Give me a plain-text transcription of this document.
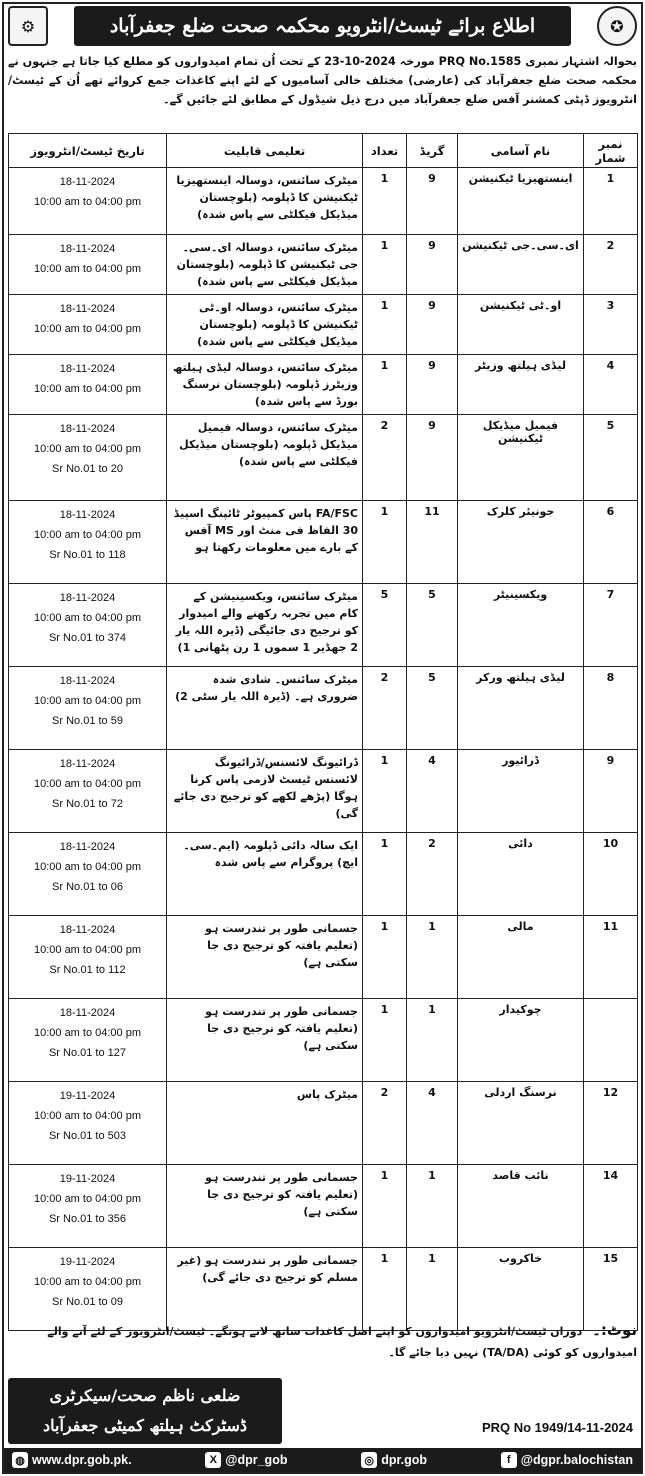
⚙	اطلاع برائے ٹیسٹ/انٹرویو محکمہ صحت ضلع جعفرآباد	✪
بحوالہ اشتہار نمبری PRQ No.1585 مورخہ 23-10-2024 کے تحت اُن تمام امیدواروں کو مطلع کیا جاتا ہے جنہوں نے محکمہ صحت ضلع جعفرآباد کی (عارضی) مختلف خالی آسامیوں کے لئے اپنے کاغذات جمع کروائے تھے اُن کے ٹیسٹ/انٹرویوز ڈپٹی کمشنر آفس ضلع جعفرآباد میں درج ذیل شیڈول کے مطابق لئے جائیں گے۔
نمبر شمار	نام آسامی	گریڈ	تعداد	تعلیمی قابلیت	تاریخ ٹیسٹ/انٹرویوز
1	اینستھیزیا ٹیکنیشن	9	1	میٹرک سائنس، دوسالہ اینستھیزیا ٹیکنیشن کا ڈپلومہ (بلوچستان میڈیکل فیکلٹی سے پاس شدہ)	18-11-2024
10:00 am to 04:00 pm

2	ای۔سی۔جی ٹیکنیشن	9	1	میٹرک سائنس، دوسالہ ای۔سی۔جی ٹیکنیشن کا ڈپلومہ (بلوچستان میڈیکل فیکلٹی سے پاس شدہ)	18-11-2024
10:00 am to 04:00 pm

3	او۔ٹی ٹیکنیشن	9	1	میٹرک سائنس، دوسالہ او۔ٹی ٹیکنیشن کا ڈپلومہ (بلوچستان میڈیکل فیکلٹی سے پاس شدہ)	18-11-2024
10:00 am to 04:00 pm

4	لیڈی ہیلتھ وزیٹر	9	1	میٹرک سائنس، دوسالہ لیڈی ہیلتھ وزیٹرز ڈپلومہ (بلوچستان نرسنگ بورڈ سے پاس شدہ)	18-11-2024
10:00 am to 04:00 pm

5	فیمیل میڈیکل ٹیکنیشن	9	2	میٹرک سائنس، دوسالہ فیمیل میڈیکل ڈپلومہ (بلوچستان میڈیکل فیکلٹی سے پاس شدہ)	18-11-2024
10:00 am to 04:00 pm
Sr No.01 to 20

6	جونیئر کلرک	11	1	FA/FSC پاس کمپیوٹر ٹائپنگ اسپیڈ 30 الفاظ فی منٹ اور MS آفس کے بارے میں معلومات رکھتا ہو	18-11-2024
10:00 am to 04:00 pm
Sr No.01 to 118

7	ویکسینیٹر	5	5	میٹرک سائنس، ویکسینیشن کے کام میں تجربہ رکھنے والے امیدوار کو ترجیح دی جائیگی (ڈیرہ اللہ یار 2 جھڈیر 1 سموں 1 رن پٹھانی 1)	18-11-2024
10:00 am to 04:00 pm
Sr No.01 to 374

8	لیڈی ہیلتھ ورکر	5	2	میٹرک سائنس۔ شادی شدہ ضروری ہے۔ (ڈیرہ اللہ یار سٹی 2)	18-11-2024
10:00 am to 04:00 pm
Sr No.01 to 59

9	ڈرائیور	4	1	ڈرائیونگ لائسنس/ڈرائیونگ لائسنس ٹیسٹ لازمی پاس کرنا ہوگا (پڑھے لکھے کو ترجیح دی جائے گی)	18-11-2024
10:00 am to 04:00 pm
Sr No.01 to 72

10	دائی	2	1	ایک سالہ دائی ڈپلومہ (ایم۔سی۔ایچ) پروگرام سے پاس شدہ	18-11-2024
10:00 am to 04:00 pm
Sr No.01 to 06

11	مالی	1	1	جسمانی طور پر تندرست ہو (تعلیم یافتہ کو ترجیح دی جا سکتی ہے)	18-11-2024
10:00 am to 04:00 pm
Sr No.01 to 112

	چوکیدار	1	1	جسمانی طور پر تندرست ہو (تعلیم یافتہ کو ترجیح دی جا سکتی ہے)	18-11-2024
10:00 am to 04:00 pm
Sr No.01 to 127

12	نرسنگ اردلی	4	2	میٹرک پاس	19-11-2024
10:00 am to 04:00 pm
Sr No.01 to 503

14	نائب قاصد	1	1	جسمانی طور پر تندرست ہو (تعلیم یافتہ کو ترجیح دی جا سکتی ہے)	19-11-2024
10:00 am to 04:00 pm
Sr No.01 to 356

15	خاکروب	1	1	جسمانی طور پر تندرست ہو (غیر مسلم کو ترجیح دی جائے گی)	19-11-2024
10:00 am to 04:00 pm
Sr No.01 to 09
نوٹ:۔ دوران ٹیسٹ/انٹرویو امیدواروں کو اپنے اصل کاغذات ساتھ لانے ہونگے۔ ٹیسٹ/انٹرویوز کے لئے آنے والے امیدواروں کو کوئی (TA/DA) نہیں دیا جائے گا۔
ضلعی ناظم صحت/سیکرٹری
ڈسٹرکٹ ہیلتھ کمیٹی جعفرآباد	PRQ No 1949/14-11-2024
◍ www.dpr.gob.pk.	X @dpr_gob	◎ dpr.gob	f @dgpr.balochistan
